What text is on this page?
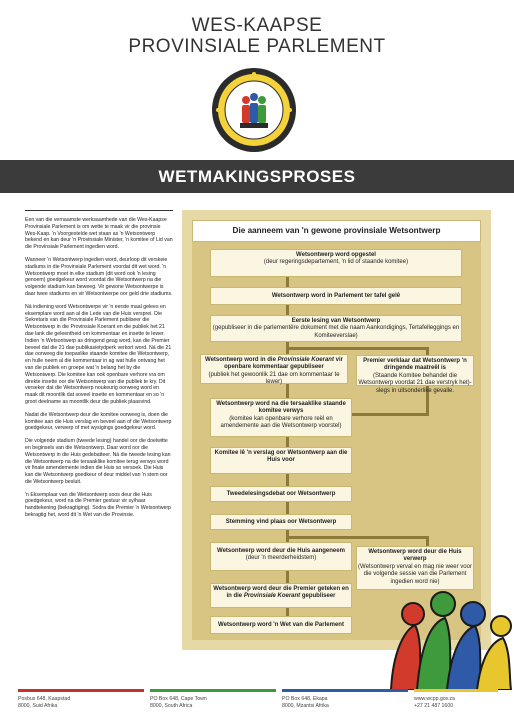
WES-KAAPSE
PROVINSIALE PARLEMENT
WETMAKINGSPROSES

Een van die vernaamste werksaamhede van die Wes-Kaapse Provinsiale Parlement is om wette te maak vir die provinsie Wes-Kaap. 'n Voorgestelde wet staan as 'n Wetsontwerp bekend en kan deur 'n Provinsiale Minister, 'n komitee of Lid van die Provinsiale Parlement ingedien word.

Wanneer 'n Wetsontwerp ingedien word, deurloop dit verskeie stadiums in die Provinsiale Parlement voordat dit wet word. 'n Wetsontwerp moet in elke stadium (dit word ook 'n lesing genoem) goedgekeur word voordat die Wetsontwerp na die volgende stadium kan beweeg. Vir gewone Wetsontwerpe is daar twee stadiums en vir Wetsontwerpe oor geld drie stadiums.

Ná indiening word Wetsontwerpe vir 'n eerste maal gelees en eksemplare word aan al die Lede van die Huis versprei. Die Sekretaris van die Provinsiale Parlement publiseer die Wetsontwerp in die Provinsiale Koerant en die publiek het 21 dae lank die geleentheid om kommentaar en insette te lewer. Indien 'n Wetsontwerp as dringend geag word, kan die Premier beveel dat die 21 dae publikasietydperk verkort word. Ná die 21 dae oorweeg die toepaslike staande komitee die Wetsontwerp, en hulle neem al die kommentaar in ag wat hulle ontvang het van die publiek en groepe wat 'n belang het by die Wetsontwerp. Die komitee kan ook openbare verhore vra om direkte insette oor die Wetsontwerp van die publiek te kry. Dit verseker dat die Wetsontwerp noukeurig oorweeg word en maak dit moontlik dat soveel insette en kommentaar en so 'n groot deelname as moontlik deur die publiek plaasvind.

Nadat die Wetsontwerp deur die komitee oorweeg is, doen die komitee aan die Huis verslag en beveel aan of die Wetsontwerp goedgekeur, verwerp of met wysigings goedgekeur word.

Die volgende stadium (tweede lesing) handel oor die doelwitte en beginsels van die Wetsontwerp. Daar word oor die Wetsontwerp in die Huis gedebatteer. Ná die tweede lesing kan die Wetsontwerp na die tersaaklike komitee terug verwys word vir finale amendemente indien die Huis so versoek. Die Huis kan die Wetsontwerp goedkeur of deur middel van 'n stem oor die Wetsontwerp besluit.

'n Eksemplaar van die Wetsontwerp soos deur die Huis goedgekeur, word na die Premier gestuur vir sy/haar handtekening (bekragtiging). Sodra die Premier 'n Wetsontwerp bekragtig het, word dit 'n Wet van die Provinsie.

Die aanneem van 'n gewone provinsiale Wetsontwerp
Wetsontwerp word opgestel
(deur regeringsdepartement, 'n lid of staande komitee)
Wetsontwerp word in Parlement ter tafel gelê
Eerste lesing van Wetsontwerp
(gepubliseer in die parlementêre dokument met die naam Aankondigings, Tertafelleggings en Komiteeverslae)
Wetsontwerp word in die Provinsiale Koerant vir openbare kommentaar gepubliseer
(publiek het gewoonlik 21 dae om kommentaar te lewer)
Premier verklaar dat Wetsontwerp 'n dringende maatreël is
(Staande Komitee behandel die Wetsontwerp voordat 21 dae verstryk het)-slegs in uitsonderlike gevalle.
Wetsontwerp word na die tersaaklike staande komitee verwys
(komitee kan openbare verhore reël en amendemente aan die Wetsontwerp voorstel)
Komitee lê 'n verslag oor Wetsontwerp aan die Huis voor
Tweedelesingsdebat oor Wetsontwerp
Stemming vind plaas oor Wetsontwerp
Wetsontwerp word deur die Huis aangeneem
(deur 'n meerderheidstem)
Wetsontwerp word deur die Huis verwerp
(Wetsontwerp verval en mag nie weer voor die volgende sessie van die Parlement ingedien word nie)
Wetsontwerp word deur die Premier geteken en in die Provinsiale Koerant gepubliseer
Wetsontwerp word 'n Wet van die Parlement
Posbus 648, Kaapstad
8000, Suid Afrika
PO Box 648, Cape Town
8000, South Africa
PO Box 648, Ekapa
8000, Mzantsi Afrika
www.wcpp.gov.za
+27 21 487 1600
